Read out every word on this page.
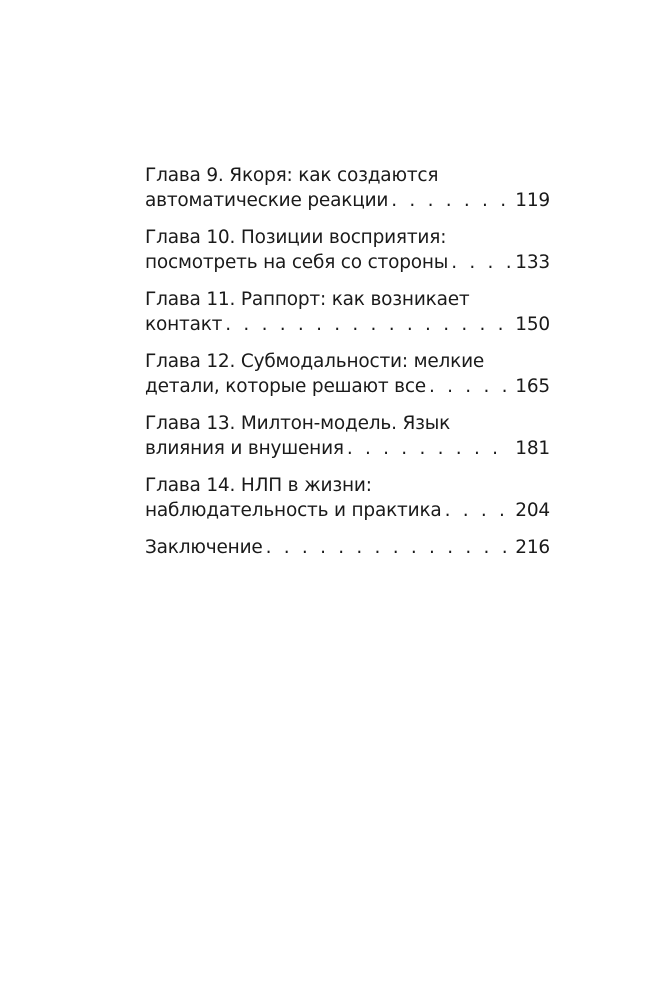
Глава 9. Якоря: как создаются
автоматические реакции . . .	119
Глава 10. Позиции восприятия:
посмотреть на себя со стороны . . .	133
Глава 11. Раппорт: как возникает
контакт . . .	150
Глава 12. Субмодальности: мелкие
детали, которые решают все . . .	165
Глава 13. Милтон-модель. Язык
влияния и внушения . . .	181
Глава 14. НЛП в жизни:
наблюдательность и практика . . .	204
Заключение . . .	216
